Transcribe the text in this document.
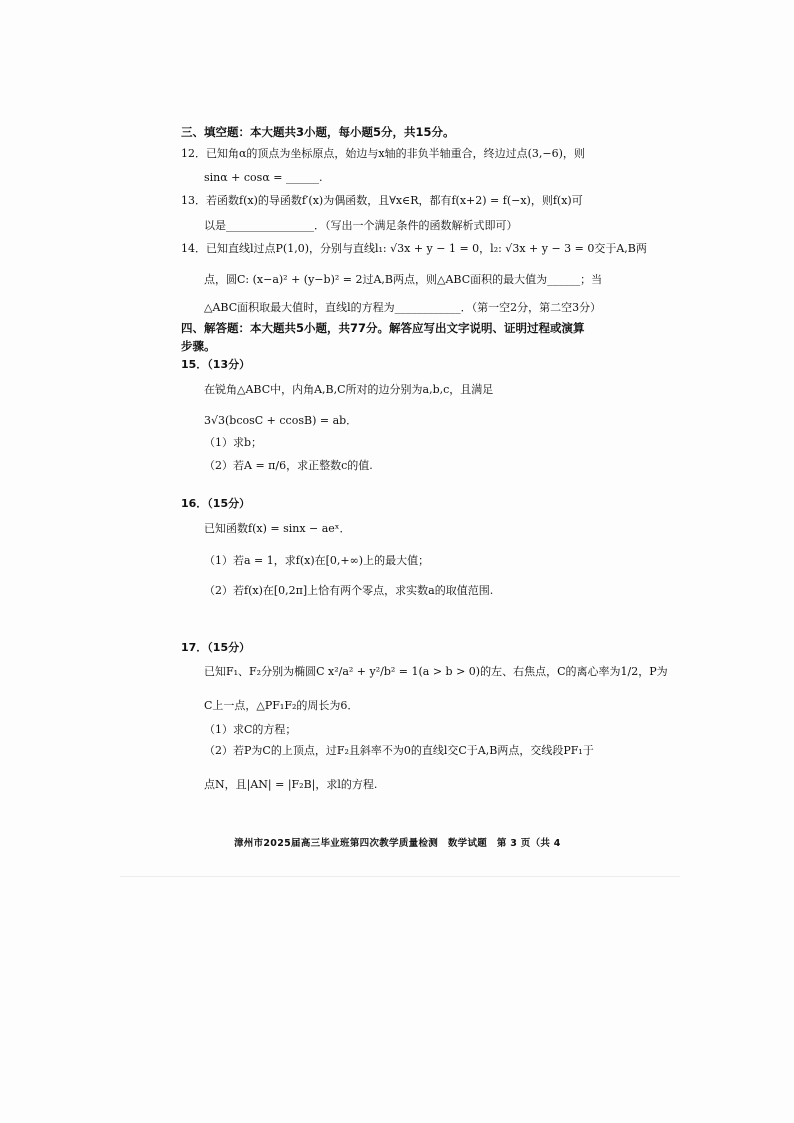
三、填空题：本大题共3小题，每小题5分，共15分。
12．已知角α的顶点为坐标原点，始边与x轴的非负半轴重合，终边过点(3,−6)，则
sinα + cosα = ______.
13．若函数f(x)的导函数f′(x)为偶函数，且∀x∈R，都有f(x+2) = f(−x)，则f(x)可
以是________________．（写出一个满足条件的函数解析式即可）
14．已知直线l过点P(1,0)，分别与直线l₁: √3x + y − 1 = 0，l₂: √3x + y − 3 = 0交于A,B两
点，圆C: (x−a)² + (y−b)² = 2过A,B两点，则△ABC面积的最大值为______；当
△ABC面积取最大值时，直线l的方程为____________．（第一空2分，第二空3分）
四、解答题：本大题共5小题，共77分。解答应写出文字说明、证明过程或演算
步骤。
15．（13分）
在锐角△ABC中，内角A,B,C所对的边分别为a,b,c，且满足
3√3(bcosC + ccosB) = ab．
（1）求b；
（2）若A = π/6，求正整数c的值.
16．（15分）
已知函数f(x) = sinx − aeˣ．
（1）若a = 1，求f(x)在[0,+∞)上的最大值；
（2）若f(x)在[0,2π]上恰有两个零点，求实数a的取值范围.
17．（15分）
已知F₁、F₂分别为椭圆C x²/a² + y²/b² = 1(a > b > 0)的左、右焦点，C的离心率为1/2，P为
C上一点，△PF₁F₂的周长为6．
（1）求C的方程；
（2）若P为C的上顶点，过F₂且斜率不为0的直线l交C于A,B两点，交线段PF₁于
点N，且|AN| = |F₂B|，求l的方程.
漳州市2025届高三毕业班第四次教学质量检测　数学试题　第 3 页（共 4
